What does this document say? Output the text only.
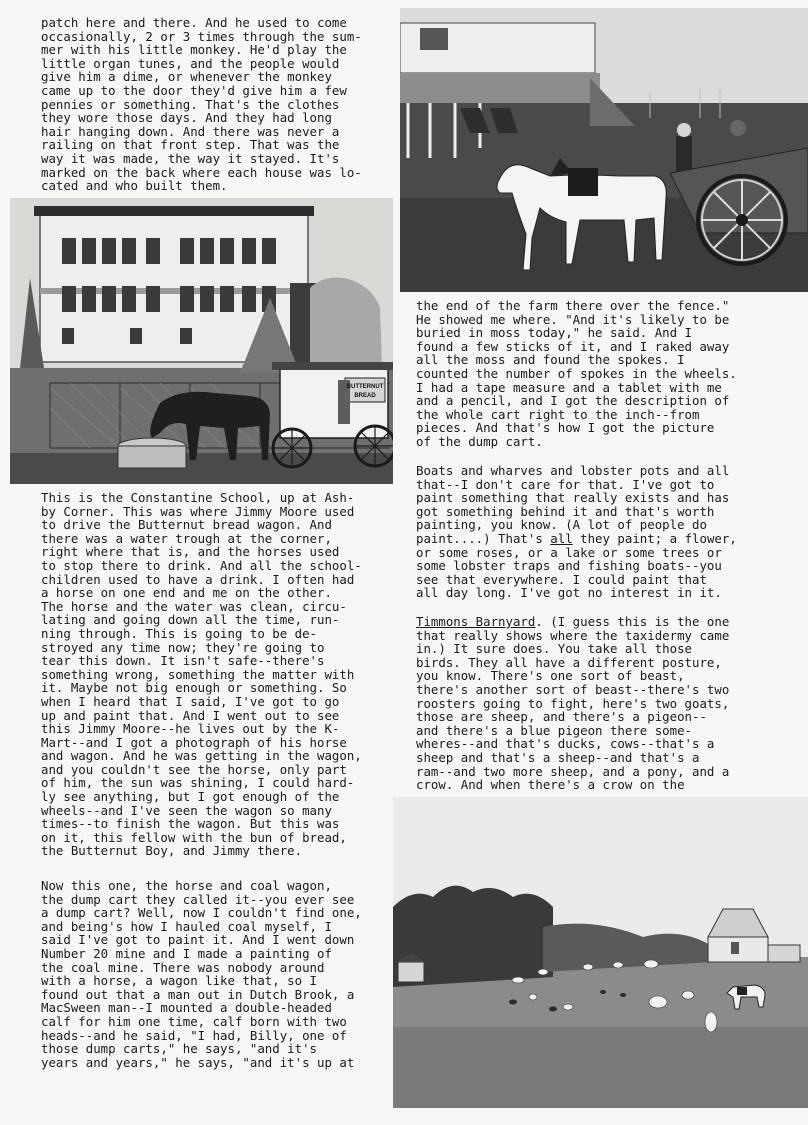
patch here and there. And he used to come
occasionally, 2 or 3 times through the sum-
mer with his little monkey. He'd play the
little organ tunes, and the people would
give him a dime, or whenever the monkey
came up to the door they'd give him a few
pennies or something. That's the clothes
they wore those days. And they had long
hair hanging down. And there was never a
railing on that front step. That was the
way it was made, the way it stayed. It's
marked on the back where each house was lo-
cated and who built them.
BUTTERNUT
BREAD
This is the Constantine School, up at Ash-
by Corner. This was where Jimmy Moore used
to drive the Butternut bread wagon. And
there was a water trough at the corner,
right where that is, and the horses used
to stop there to drink. And all the school-
children used to have a drink. I often had
a horse on one end and me on the other.
The horse and the water was clean, circu-
lating and going down all the time, run-
ning through. This is going to be de-
stroyed any time now; they're going to
tear this down. It isn't safe--there's
something wrong, something the matter with
it. Maybe not big enough or something. So
when I heard that I said, I've got to go
up and paint that. And I went out to see
this Jimmy Moore--he lives out by the K-
Mart--and I got a photograph of his horse
and wagon. And he was getting in the wagon,
and you couldn't see the horse, only part
of him, the sun was shining, I could hard-
ly see anything, but I got enough of the
wheels--and I've seen the wagon so many
times--to finish the wagon. But this was
on it, this fellow with the bun of bread,
the Butternut Boy, and Jimmy there.
Now this one, the horse and coal wagon,
the dump cart they called it--you ever see
a dump cart? Well, now I couldn't find one,
and being's how I hauled coal myself, I
said I've got to paint it. And I went down
Number 20 mine and I made a painting of
the coal mine. There was nobody around
with a horse, a wagon like that, so I
found out that a man out in Dutch Brook, a
MacSween man--I mounted a double-headed
calf for him one time, calf born with two
heads--and he said, "I had, Billy, one of
those dump carts," he says, "and it's
years and years," he says, "and it's up at
the end of the farm there over the fence."
He showed me where. "And it's likely to be
buried in moss today," he said. And I
found a few sticks of it, and I raked away
all the moss and found the spokes. I
counted the number of spokes in the wheels.
I had a tape measure and a tablet with me
and a pencil, and I got the description of
the whole cart right to the inch--from
pieces. And that's how I got the picture
of the dump cart.
Boats and wharves and lobster pots and all
that--I don't care for that. I've got to
paint something that really exists and has
got something behind it and that's worth
painting, you know. (A lot of people do
paint....) That's all they paint; a flower,
or some roses, or a lake or some trees or
some lobster traps and fishing boats--you
see that everywhere. I could paint that
all day long. I've got no interest in it.
Timmons Barnyard. (I guess this is the one
that really shows where the taxidermy came
in.) It sure does. You take all those
birds. They all have a different posture,
you know. There's one sort of beast,
there's another sort of beast--there's two
roosters going to fight, here's two goats,
those are sheep, and there's a pigeon--
and there's a blue pigeon there some-
wheres--and that's ducks, cows--that's a
sheep and that's a sheep--and that's a
ram--and two more sheep, and a pony, and a
crow. And when there's a crow on the
